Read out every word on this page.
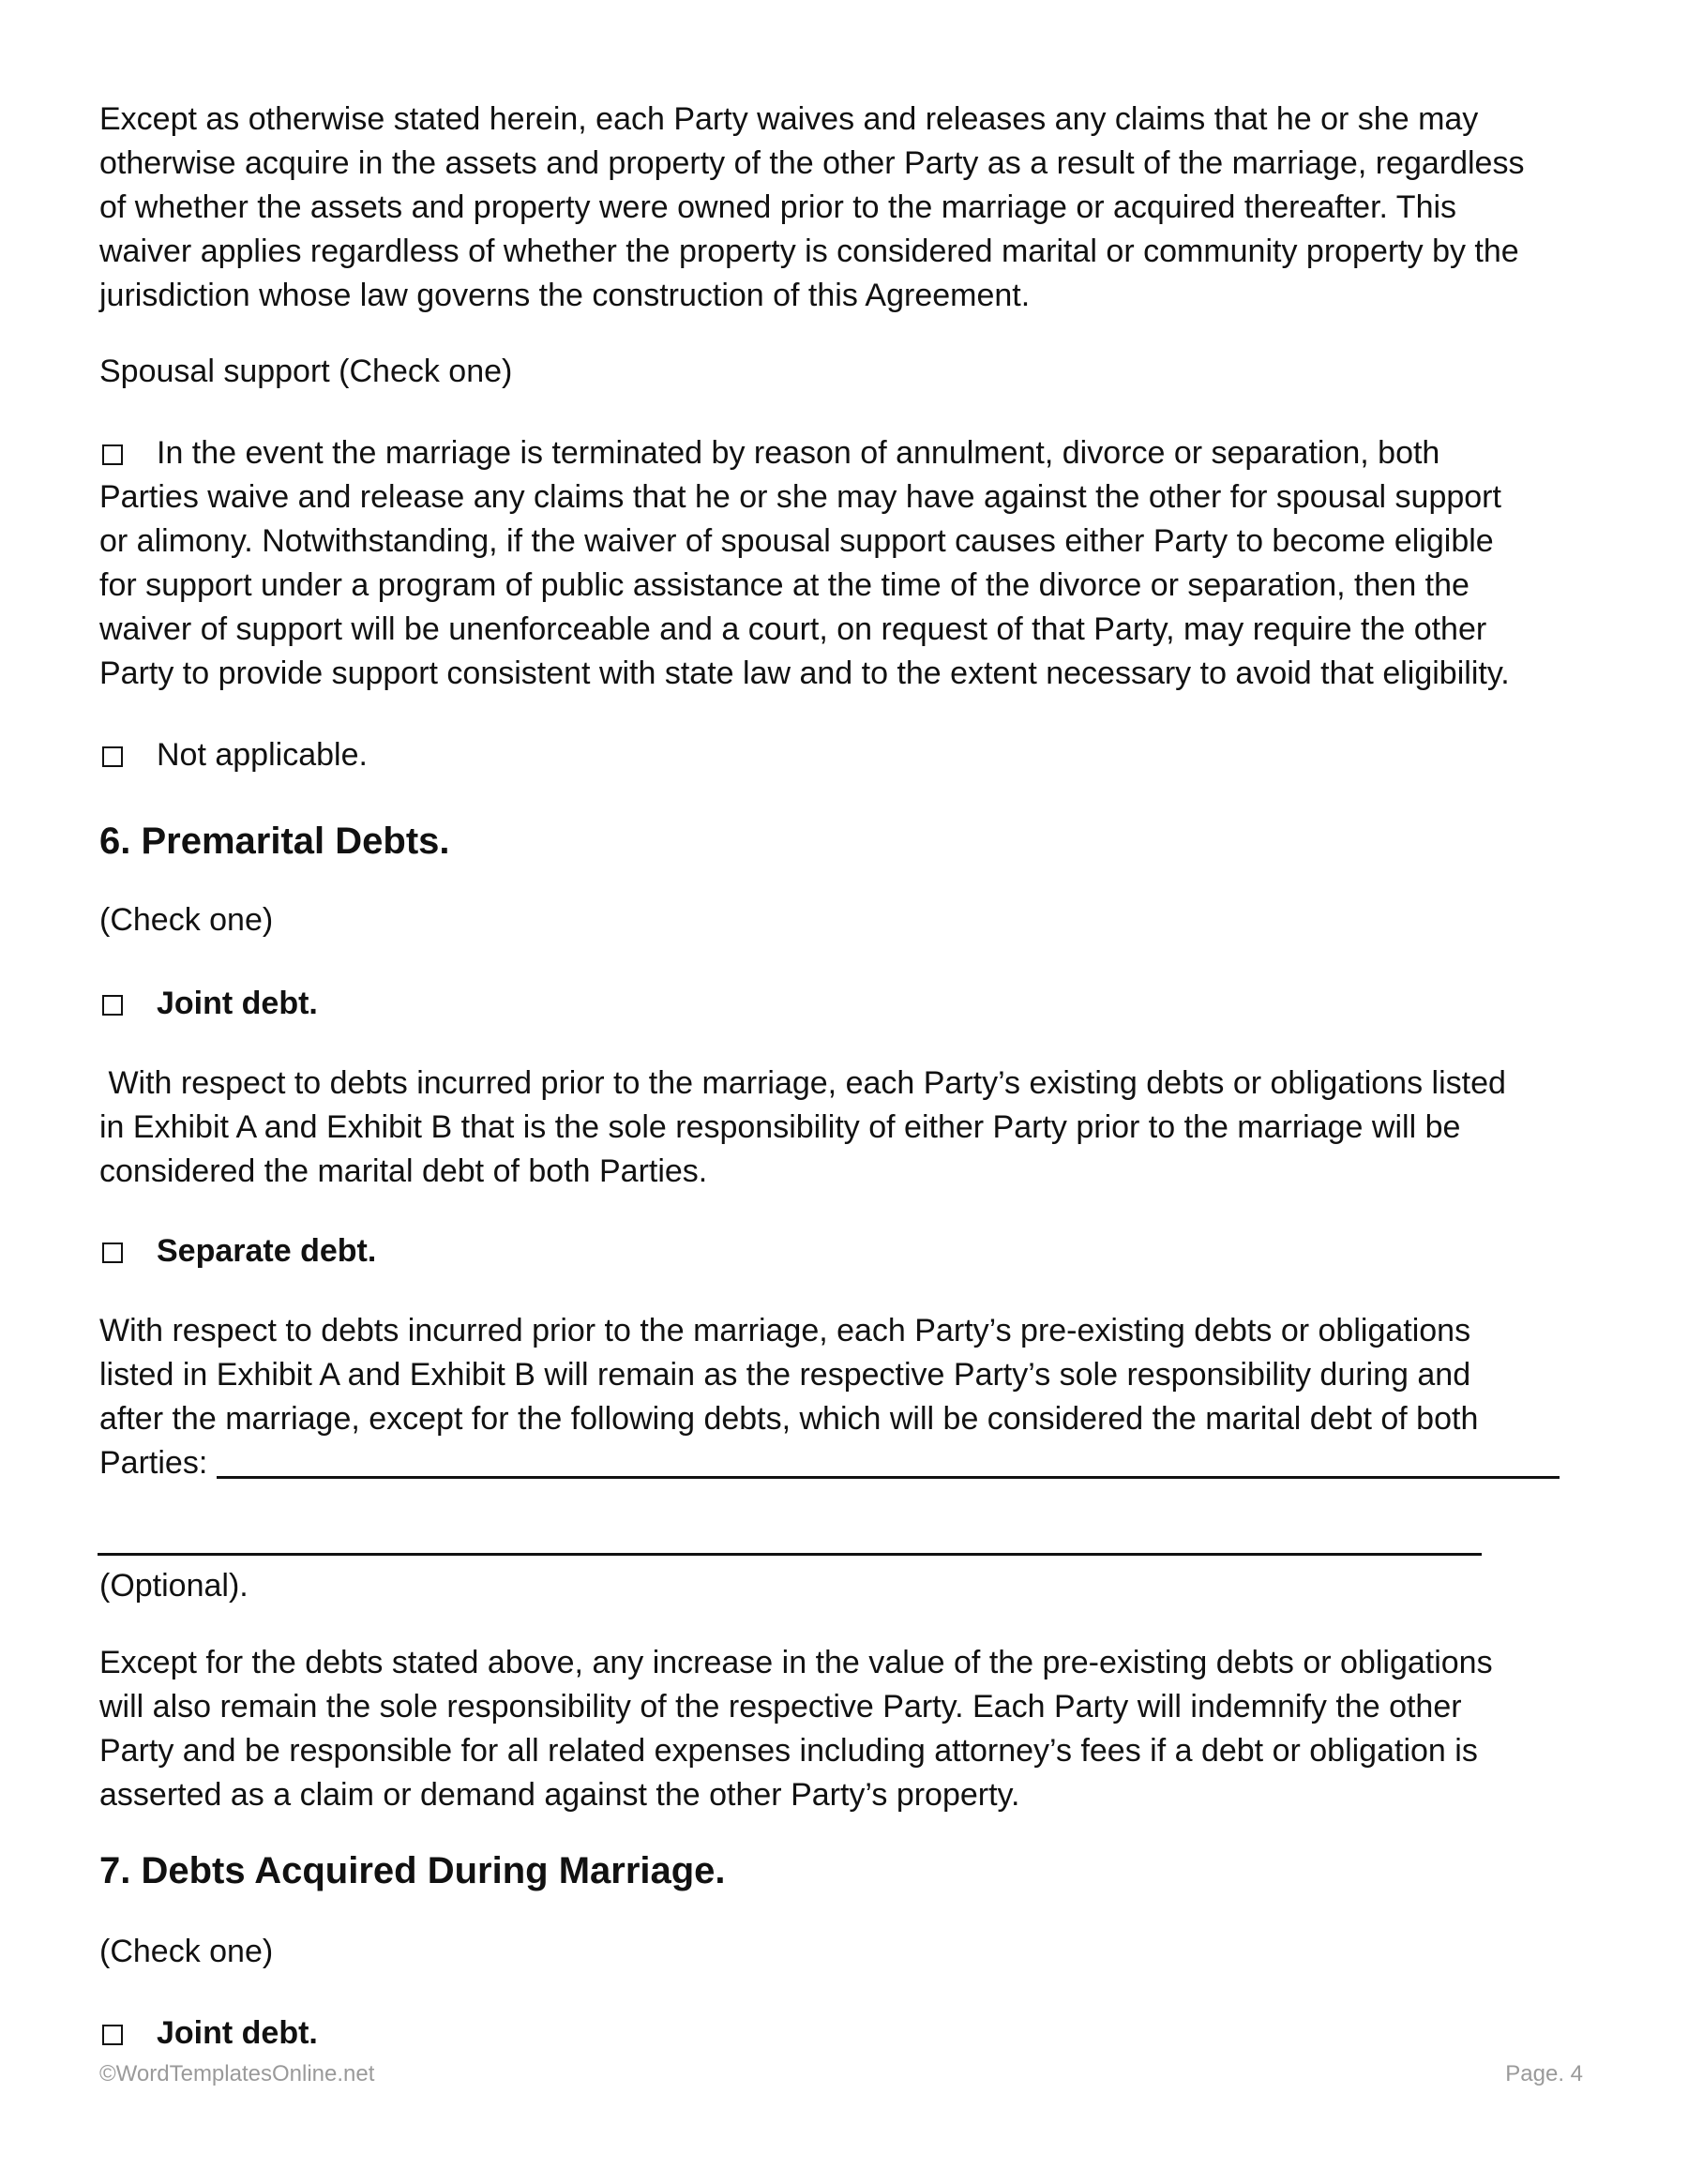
Except as otherwise stated herein, each Party waives and releases any claims that he or she may
otherwise acquire in the assets and property of the other Party as a result of the marriage, regardless
of whether the assets and property were owned prior to the marriage or acquired thereafter. This
waiver applies regardless of whether the property is considered marital or community property by the
jurisdiction whose law governs the construction of this Agreement.
Spousal support (Check one)
In the event the marriage is terminated by reason of annulment, divorce or separation, both
Parties waive and release any claims that he or she may have against the other for spousal support
or alimony. Notwithstanding, if the waiver of spousal support causes either Party to become eligible
for support under a program of public assistance at the time of the divorce or separation, then the
waiver of support will be unenforceable and a court, on request of that Party, may require the other
Party to provide support consistent with state law and to the extent necessary to avoid that eligibility.
Not applicable.
6. Premarital Debts.
(Check one)
Joint debt.
With respect to debts incurred prior to the marriage, each Party’s existing debts or obligations listed
in Exhibit A and Exhibit B that is the sole responsibility of either Party prior to the marriage will be
considered the marital debt of both Parties.
Separate debt.
With respect to debts incurred prior to the marriage, each Party’s pre-existing debts or obligations
listed in Exhibit A and Exhibit B will remain as the respective Party’s sole responsibility during and
after the marriage, except for the following debts, which will be considered the marital debt of both
Parties:
(Optional).
Except for the debts stated above, any increase in the value of the pre-existing debts or obligations
will also remain the sole responsibility of the respective Party. Each Party will indemnify the other
Party and be responsible for all related expenses including attorney’s fees if a debt or obligation is
asserted as a claim or demand against the other Party’s property.
7. Debts Acquired During Marriage.
(Check one)
Joint debt.
©WordTemplatesOnline.net	Page. 4
